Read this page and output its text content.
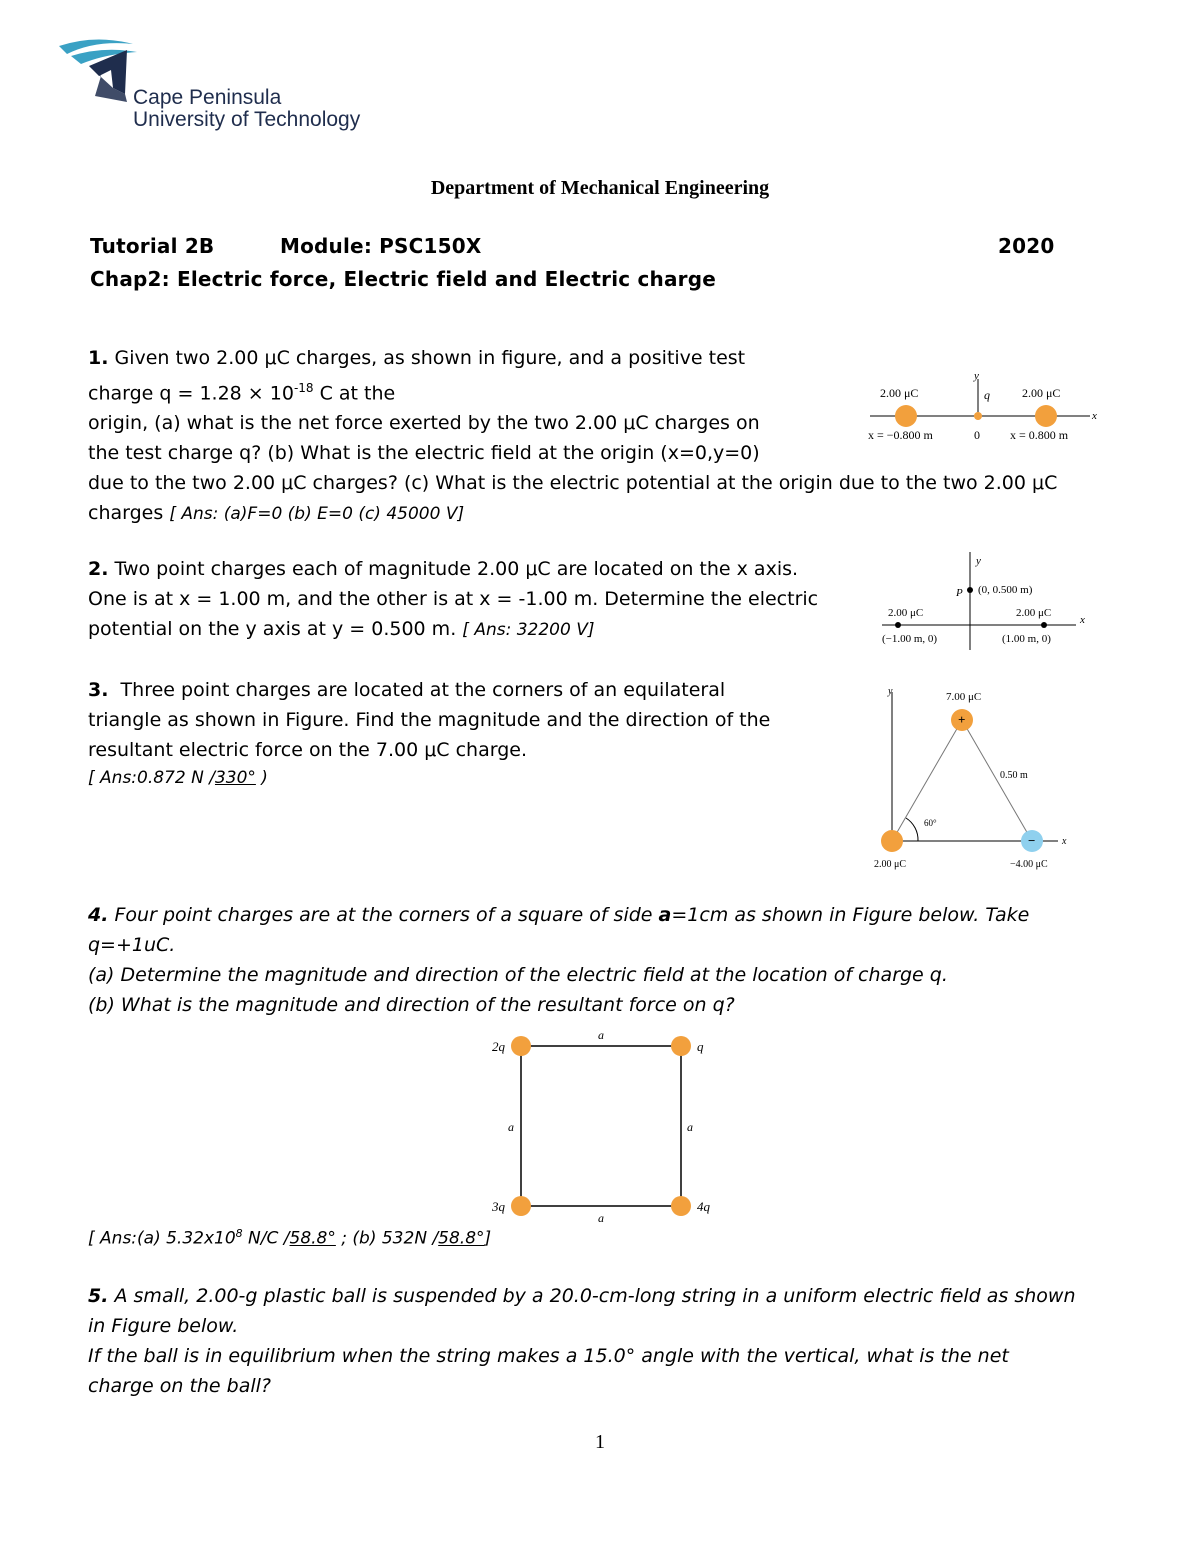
Cape Peninsula
University of Technology
Department of Mechanical Engineering
Tutorial 2B	Module: PSC150X	2020
Chap2: Electric force, Electric field and Electric charge
1. Given two 2.00 μC charges, as shown in figure, and a positive test
charge $q = 1.28 \times 10^{-18}$ C at the
origin, (a) what is the net force exerted by the two 2.00 μC charges on
the test charge q? (b) What is the electric field at the origin (x=0,y=0)
due to the two 2.00 μC charges? (c) What is the electric potential at the origin due to the two 2.00 μC
charges [ Ans: (a)F=0 (b) E=0 (c) 45000 V]
y
q
x
2.00 μC	2.00 μC
x = −0.800 m	0	x = 0.800 m
2. Two point charges each of magnitude 2.00 μC are located on the x axis.
One is at x = 1.00 m, and the other is at x = -1.00 m. Determine the electric
potential on the y axis at y = 0.500 m. [ Ans: 32200 V]
y
P (0, 0.500 m)
x
2.00 μC	2.00 μC
(−1.00 m, 0)	(1.00 m, 0)
3. Three point charges are located at the corners of an equilateral
triangle as shown in Figure. Find the magnitude and the direction of the
resultant electric force on the 7.00 μC charge.
[ Ans:0.872 N /330° )
+
−
y
x
7.00 μC
0.50 m
60°
2.00 μC	−4.00 μC
4. Four point charges are at the corners of a square of side a=1cm as shown in Figure below. Take
q=+1uC.
(a) Determine the magnitude and direction of the electric field at the location of charge q.
(b) What is the magnitude and direction of the resultant force on q?
2q	q
3q	4q
a
a	a
a
[ Ans:(a) $5.32x10^8$ N/C /58.8° ; (b) 532N /58.8°]
5. A small, 2.00-g plastic ball is suspended by a 20.0-cm-long string in a uniform electric field as shown
in Figure below.
If the ball is in equilibrium when the string makes a 15.0° angle with the vertical, what is the net
charge on the ball?
1
